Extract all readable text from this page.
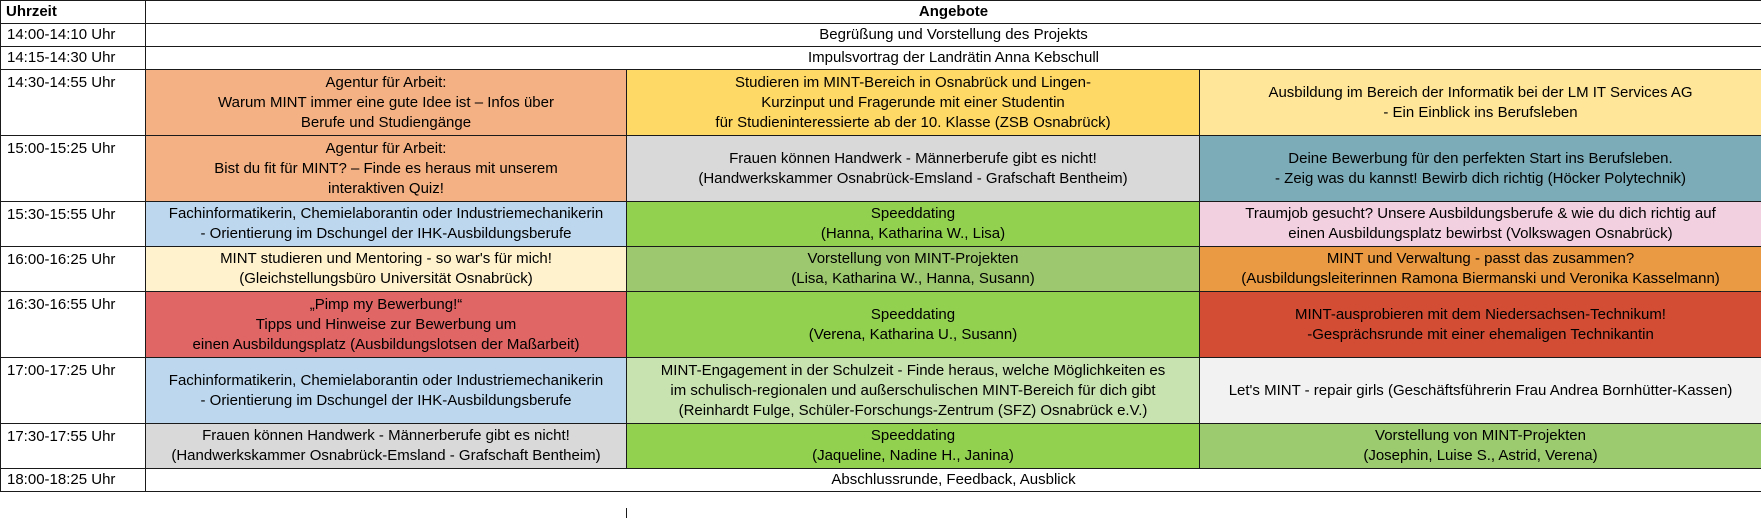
Uhrzeit	Angebote		
14:00-14:10 Uhr	Begrüßung und Vorstellung des Projekts		
14:15-14:30 Uhr	Impulsvortrag der Landrätin Anna Kebschull		
14:30-14:55 Uhr	Agentur für Arbeit:
Warum MINT immer eine gute Idee ist – Infos über
Berufe und Studiengänge	Studieren im MINT-Bereich in Osnabrück und Lingen-
Kurzinput und Fragerunde mit einer Studentin
für Studieninteressierte ab der 10. Klasse (ZSB Osnabrück)	Ausbildung im Bereich der Informatik bei der LM IT Services AG
- Ein Einblick ins Berufsleben
15:00-15:25 Uhr	Agentur für Arbeit:
Bist du fit für MINT? – Finde es heraus mit unserem
interaktiven Quiz!	Frauen können Handwerk - Männerberufe gibt es nicht!
(Handwerkskammer Osnabrück-Emsland - Grafschaft Bentheim)	Deine Bewerbung für den perfekten Start ins Berufsleben.
- Zeig was du kannst! Bewirb dich richtig (Höcker Polytechnik)
15:30-15:55 Uhr	Fachinformatikerin, Chemielaborantin oder Industriemechanikerin
- Orientierung im Dschungel der IHK-Ausbildungsberufe	Speeddating
(Hanna, Katharina W., Lisa)	Traumjob gesucht? Unsere Ausbildungsberufe & wie du dich richtig auf
einen Ausbildungsplatz bewirbst (Volkswagen Osnabrück)
16:00-16:25 Uhr	MINT studieren und Mentoring - so war's für mich!
(Gleichstellungsbüro Universität Osnabrück)	Vorstellung von MINT-Projekten
(Lisa, Katharina W., Hanna, Susann)	MINT und Verwaltung - passt das zusammen?
(Ausbildungsleiterinnen Ramona Biermanski und Veronika Kasselmann)
16:30-16:55 Uhr	„Pimp my Bewerbung!“
Tipps und Hinweise zur Bewerbung um
einen Ausbildungsplatz (Ausbildungslotsen der Maßarbeit)	Speeddating
(Verena, Katharina U., Susann)	MINT-ausprobieren mit dem Niedersachsen-Technikum!
-Gesprächsrunde mit einer ehemaligen Technikantin
17:00-17:25 Uhr	Fachinformatikerin, Chemielaborantin oder Industriemechanikerin
- Orientierung im Dschungel der IHK-Ausbildungsberufe	MINT-Engagement in der Schulzeit - Finde heraus, welche Möglichkeiten es
im schulisch-regionalen und außerschulischen MINT-Bereich für dich gibt
(Reinhardt Fulge, Schüler-Forschungs-Zentrum (SFZ) Osnabrück e.V.)	Let's MINT - repair girls (Geschäftsführerin Frau Andrea Bornhütter-Kassen)
17:30-17:55 Uhr	Frauen können Handwerk - Männerberufe gibt es nicht!
(Handwerkskammer Osnabrück-Emsland - Grafschaft Bentheim)	Speeddating
(Jaqueline, Nadine H., Janina)	Vorstellung von MINT-Projekten
(Josephin, Luise S., Astrid, Verena)
18:00-18:25 Uhr	Abschlussrunde, Feedback, Ausblick		
